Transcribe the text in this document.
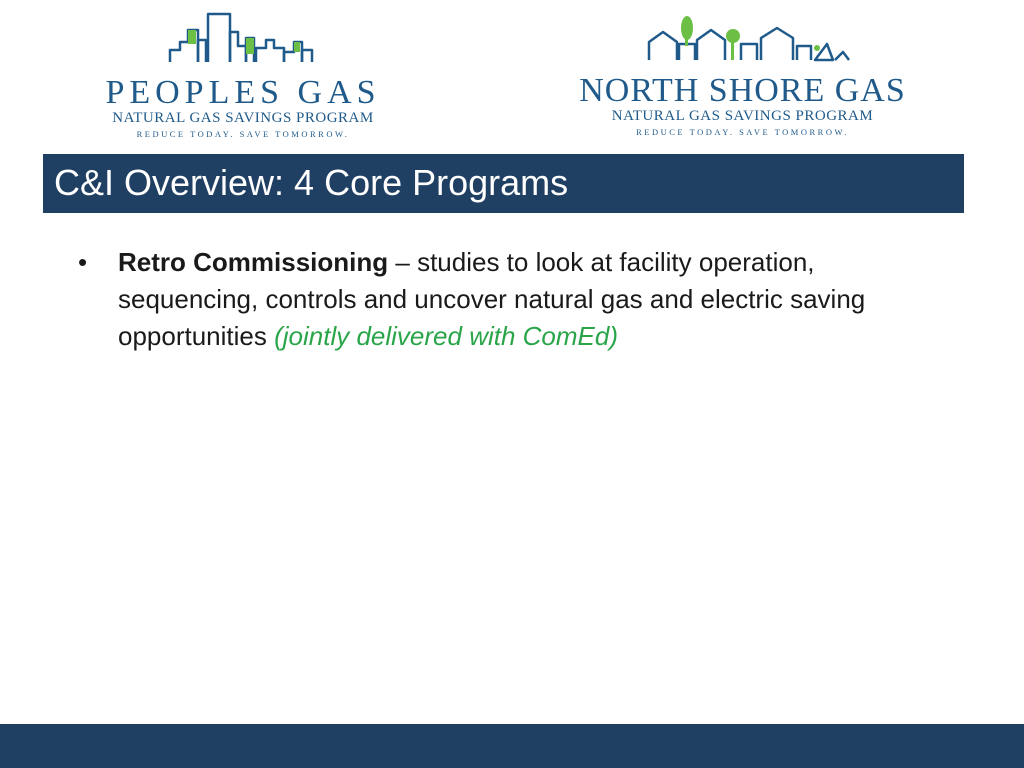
PEOPLES GAS
NATURAL GAS SAVINGS PROGRAM
REDUCE TODAY. SAVE TOMORROW.
NORTH SHORE GAS
NATURAL GAS SAVINGS PROGRAM
REDUCE TODAY. SAVE TOMORROW.
C&I Overview: 4 Core Programs
• Retro Commissioning – studies to look at facility operation, sequencing, controls and uncover natural gas and electric saving opportunities (jointly delivered with ComEd)
